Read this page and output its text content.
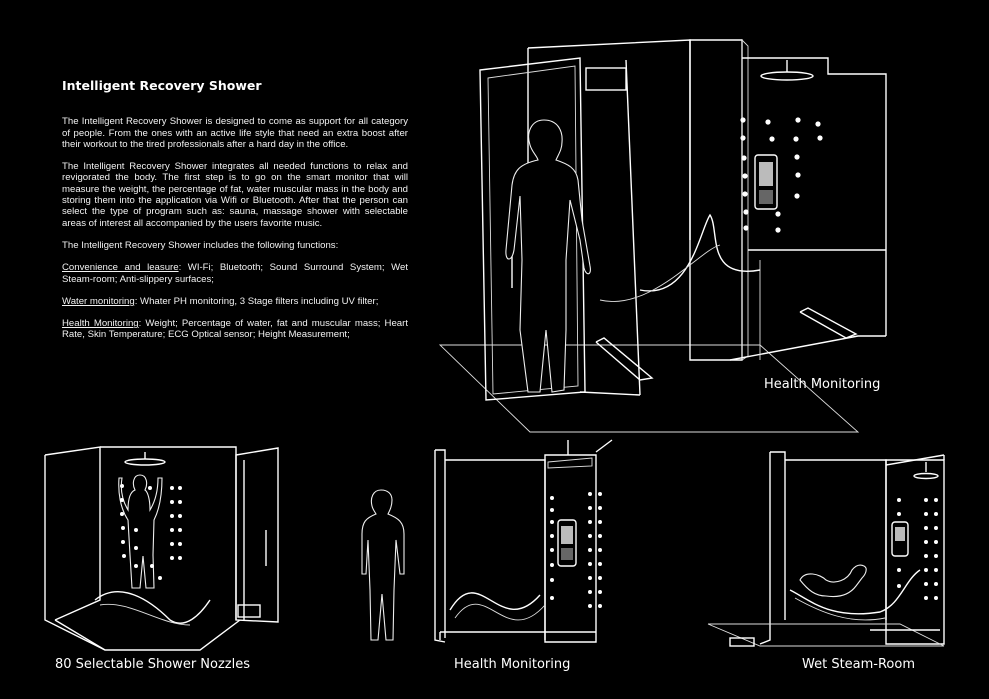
Intelligent Recovery Shower

The Intelligent Recovery Shower is designed to come as support for all category of people. From the ones with an active life style that need an extra boost after their workout to the tired professionals after a hard day in the office.

The Intelligent Recovery Shower integrates all needed functions to relax and revigorated the body. The first step is to go on the smart monitor that will measure the weight, the percentage of fat, water muscular mass in the body and storing them into the application via Wifi or Bluetooth. After that the person can select the type of program such as: sauna, massage shower with selectable areas of interest all accompanied by the users favorite music.

The Intelligent Recovery Shower includes the following functions:

Convenience and leasure: WI-Fi; Bluetooth; Sound Surround System; Wet Steam-room; Anti-slippery surfaces;

Water monitoring: Whater PH monitoring, 3 Stage filters including UV filter;

Health Monitoring: Weight; Percentage of water, fat and muscular mass; Heart Rate, Skin Temperature; ECG Optical sensor; Height Measurement;

Health Monitoring
80 Selectable Shower Nozzles	Health Monitoring	Wet Steam-Room
